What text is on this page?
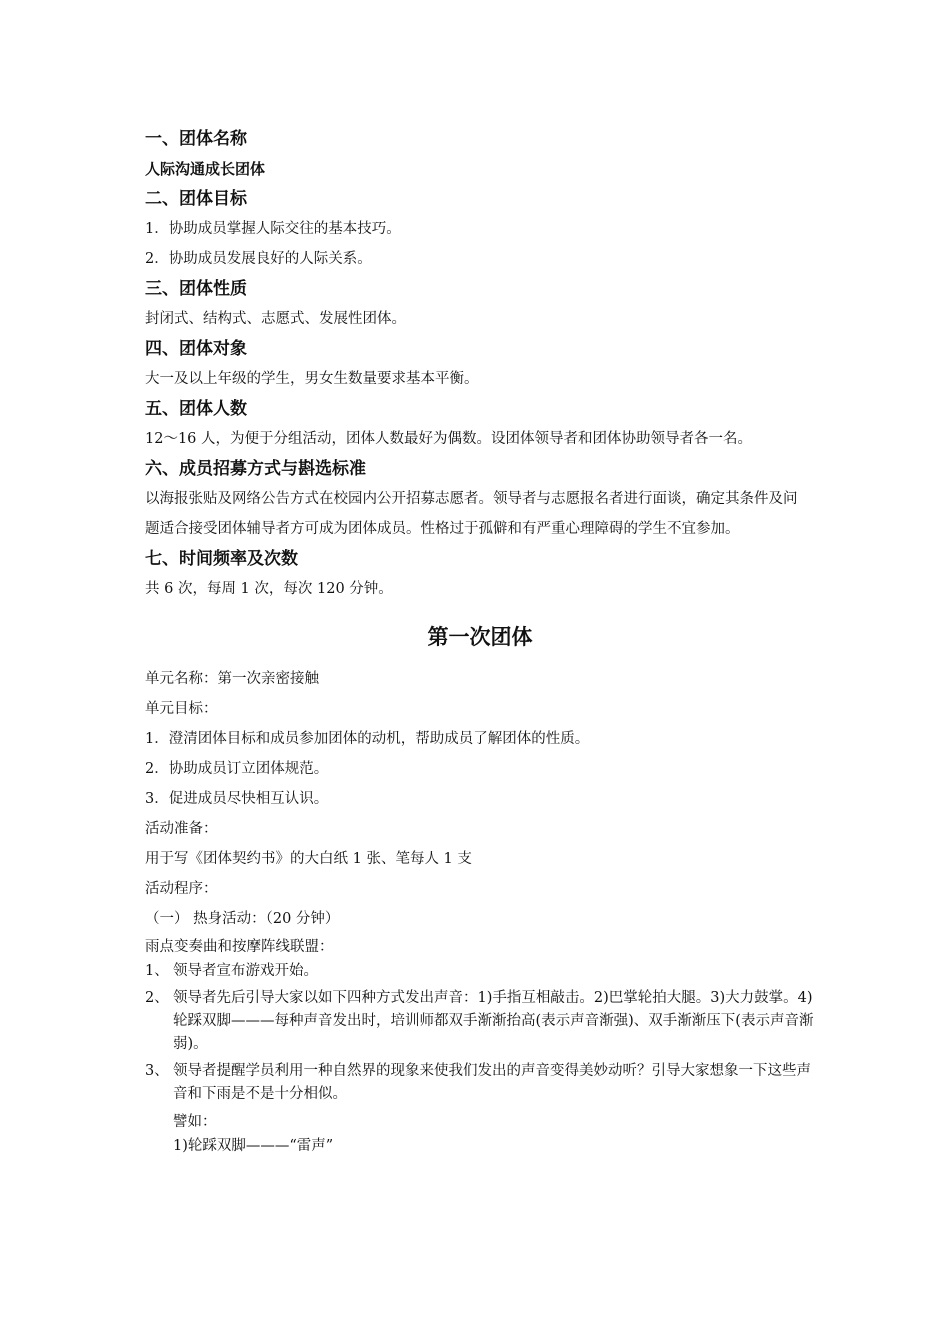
一、团体名称
人际沟通成长团体
二、团体目标
1．协助成员掌握人际交往的基本技巧。
2．协助成员发展良好的人际关系。
三、团体性质
封闭式、结构式、志愿式、发展性团体。
四、团体对象
大一及以上年级的学生，男女生数量要求基本平衡。
五、团体人数
12～16 人，为便于分组活动，团体人数最好为偶数。设团体领导者和团体协助领导者各一名。
六、成员招募方式与斟选标准
以海报张贴及网络公告方式在校园内公开招募志愿者。领导者与志愿报名者进行面谈，确定其条件及问题适合接受团体辅导者方可成为团体成员。性格过于孤僻和有严重心理障碍的学生不宜参加。
七、时间频率及次数
共 6 次，每周 1 次，每次 120 分钟。
第一次团体
单元名称：第一次亲密接触
单元目标：
1．澄清团体目标和成员参加团体的动机，帮助成员了解团体的性质。
2．协助成员订立团体规范。
3．促进成员尽快相互认识。
活动准备：
用于写《团体契约书》的大白纸 1 张、笔每人 1 支
活动程序：
（一） 热身活动：（20 分钟）
雨点变奏曲和按摩阵线联盟：
1、 领导者宣布游戏开始。
2、 领导者先后引导大家以如下四种方式发出声音：1)手指互相敲击。2)巴掌轮拍大腿。3)大力鼓掌。4)轮踩双脚———每种声音发出时，培训师都双手渐渐抬高(表示声音渐强)、双手渐渐压下(表示声音渐弱)。
3、 领导者提醒学员利用一种自然界的现象来使我们发出的声音变得美妙动听？引导大家想象一下这些声音和下雨是不是十分相似。
譬如：
1)轮踩双脚———“雷声”
